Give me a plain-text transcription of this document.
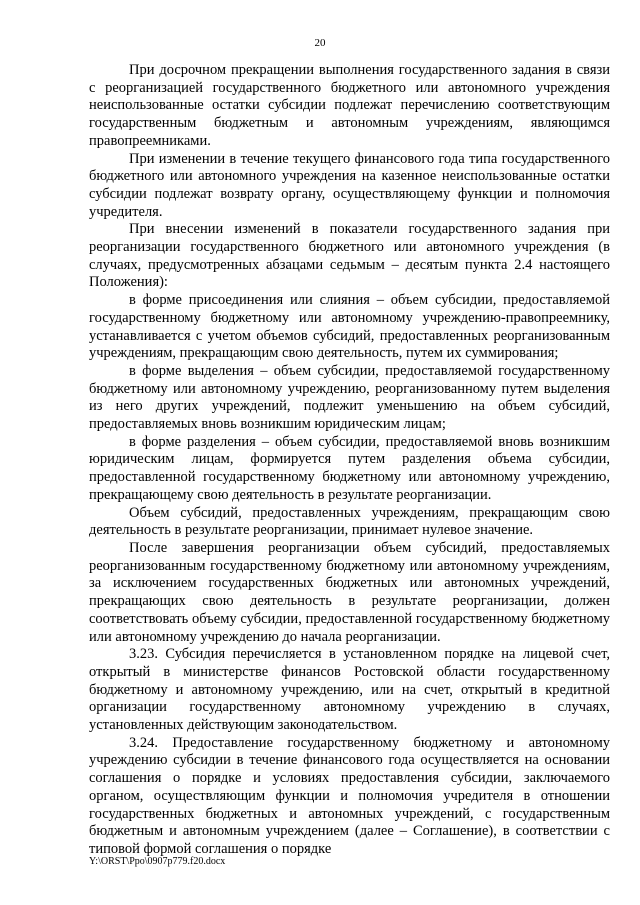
20

При досрочном прекращении выполнения государственного задания в связи с реорганизацией государственного бюджетного или автономного учреждения неиспользованные остатки субсидии подлежат перечислению соответствующим государственным бюджетным и автономным учреждениям, являющимся правопреемниками.

При изменении в течение текущего финансового года типа государственного бюджетного или автономного учреждения на казенное неиспользованные остатки субсидии подлежат возврату органу, осуществляющему функции и полномочия учредителя.

При внесении изменений в показатели государственного задания при реорганизации государственного бюджетного или автономного учреждения (в случаях, предусмотренных абзацами седьмым – десятым пункта 2.4 настоящего Положения):

в форме присоединения или слияния – объем субсидии, предоставляемой государственному бюджетному или автономному учреждению-правопреемнику, устанавливается с учетом объемов субсидий, предоставленных реорганизованным учреждениям, прекращающим свою деятельность, путем их суммирования;

в форме выделения – объем субсидии, предоставляемой государственному бюджетному или автономному учреждению, реорганизованному путем выделения из него других учреждений, подлежит уменьшению на объем субсидий, предоставляемых вновь возникшим юридическим лицам;

в форме разделения – объем субсидии, предоставляемой вновь возникшим юридическим лицам, формируется путем разделения объема субсидии, предоставленной государственному бюджетному или автономному учреждению, прекращающему свою деятельность в результате реорганизации.

Объем субсидий, предоставленных учреждениям, прекращающим свою деятельность в результате реорганизации, принимает нулевое значение.

После завершения реорганизации объем субсидий, предоставляемых реорганизованным государственному бюджетному или автономному учреждениям, за исключением государственных бюджетных или автономных учреждений, прекращающих свою деятельность в результате реорганизации, должен соответствовать объему субсидии, предоставленной государственному бюджетному или автономному учреждению до начала реорганизации.

3.23. Субсидия перечисляется в установленном порядке на лицевой счет, открытый в министерстве финансов Ростовской области государственному бюджетному и автономному учреждению, или на счет, открытый в кредитной организации государственному автономному учреждению в случаях, установленных действующим законодательством.

3.24. Предоставление государственному бюджетному и автономному учреждению субсидии в течение финансового года осуществляется на основании соглашения о порядке и условиях предоставления субсидии, заключаемого органом, осуществляющим функции и полномочия учредителя в отношении государственных бюджетных и автономных учреждений, с государственным бюджетным и автономным учреждением (далее – Соглашение), в соответствии с типовой формой соглашения о порядке

Y:\ORST\Ppo\0907p779.f20.docx
